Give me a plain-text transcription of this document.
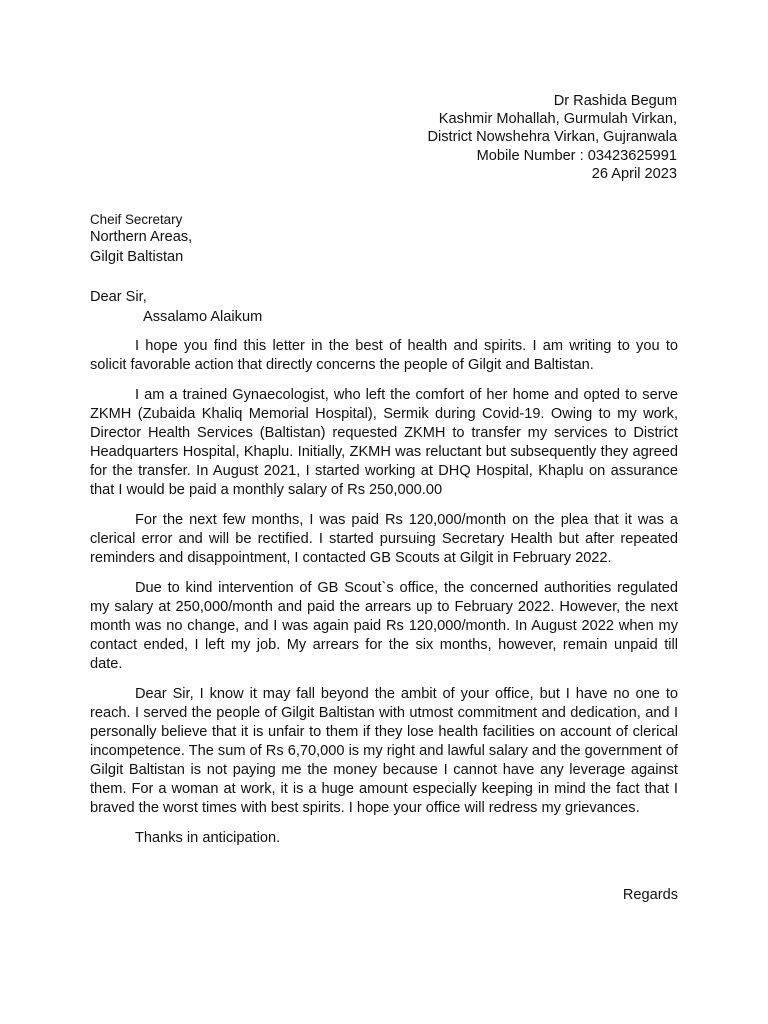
Dr Rashida Begum
Kashmir Mohallah, Gurmulah Virkan,
District Nowshehra Virkan, Gujranwala
Mobile Number : 03423625991
26 April 2023
Cheif Secretary
Northern Areas,
Gilgit Baltistan
Dear Sir,
Assalamo Alaikum

I hope you find this letter in the best of health and spirits. I am writing to you to solicit favorable action that directly concerns the people of Gilgit and Baltistan.

I am a trained Gynaecologist, who left the comfort of her home and opted to serve ZKMH (Zubaida Khaliq Memorial Hospital), Sermik during Covid-19. Owing to my work, Director Health Services (Baltistan) requested ZKMH to transfer my services to District Headquarters Hospital, Khaplu. Initially, ZKMH was reluctant but subsequently they agreed for the transfer. In August 2021, I started working at DHQ Hospital, Khaplu on assurance that I would be paid a monthly salary of Rs 250,000.00

For the next few months, I was paid Rs 120,000/month on the plea that it was a clerical error and will be rectified. I started pursuing Secretary Health but after repeated reminders and disappointment, I contacted GB Scouts at Gilgit in February 2022.

Due to kind intervention of GB Scout`s office, the concerned authorities regulated my salary at 250,000/month and paid the arrears up to February 2022. However, the next month was no change, and I was again paid Rs 120,000/month. In August 2022 when my contact ended, I left my job. My arrears for the six months, however, remain unpaid till date.

Dear Sir, I know it may fall beyond the ambit of your office, but I have no one to reach. I served the people of Gilgit Baltistan with utmost commitment and dedication, and I personally believe that it is unfair to them if they lose health facilities on account of clerical incompetence. The sum of Rs 6,70,000 is my right and lawful salary and the government of Gilgit Baltistan is not paying me the money because I cannot have any leverage against them. For a woman at work, it is a huge amount especially keeping in mind the fact that I braved the worst times with best spirits. I hope your office will redress my grievances.

Thanks in anticipation.

Regards
